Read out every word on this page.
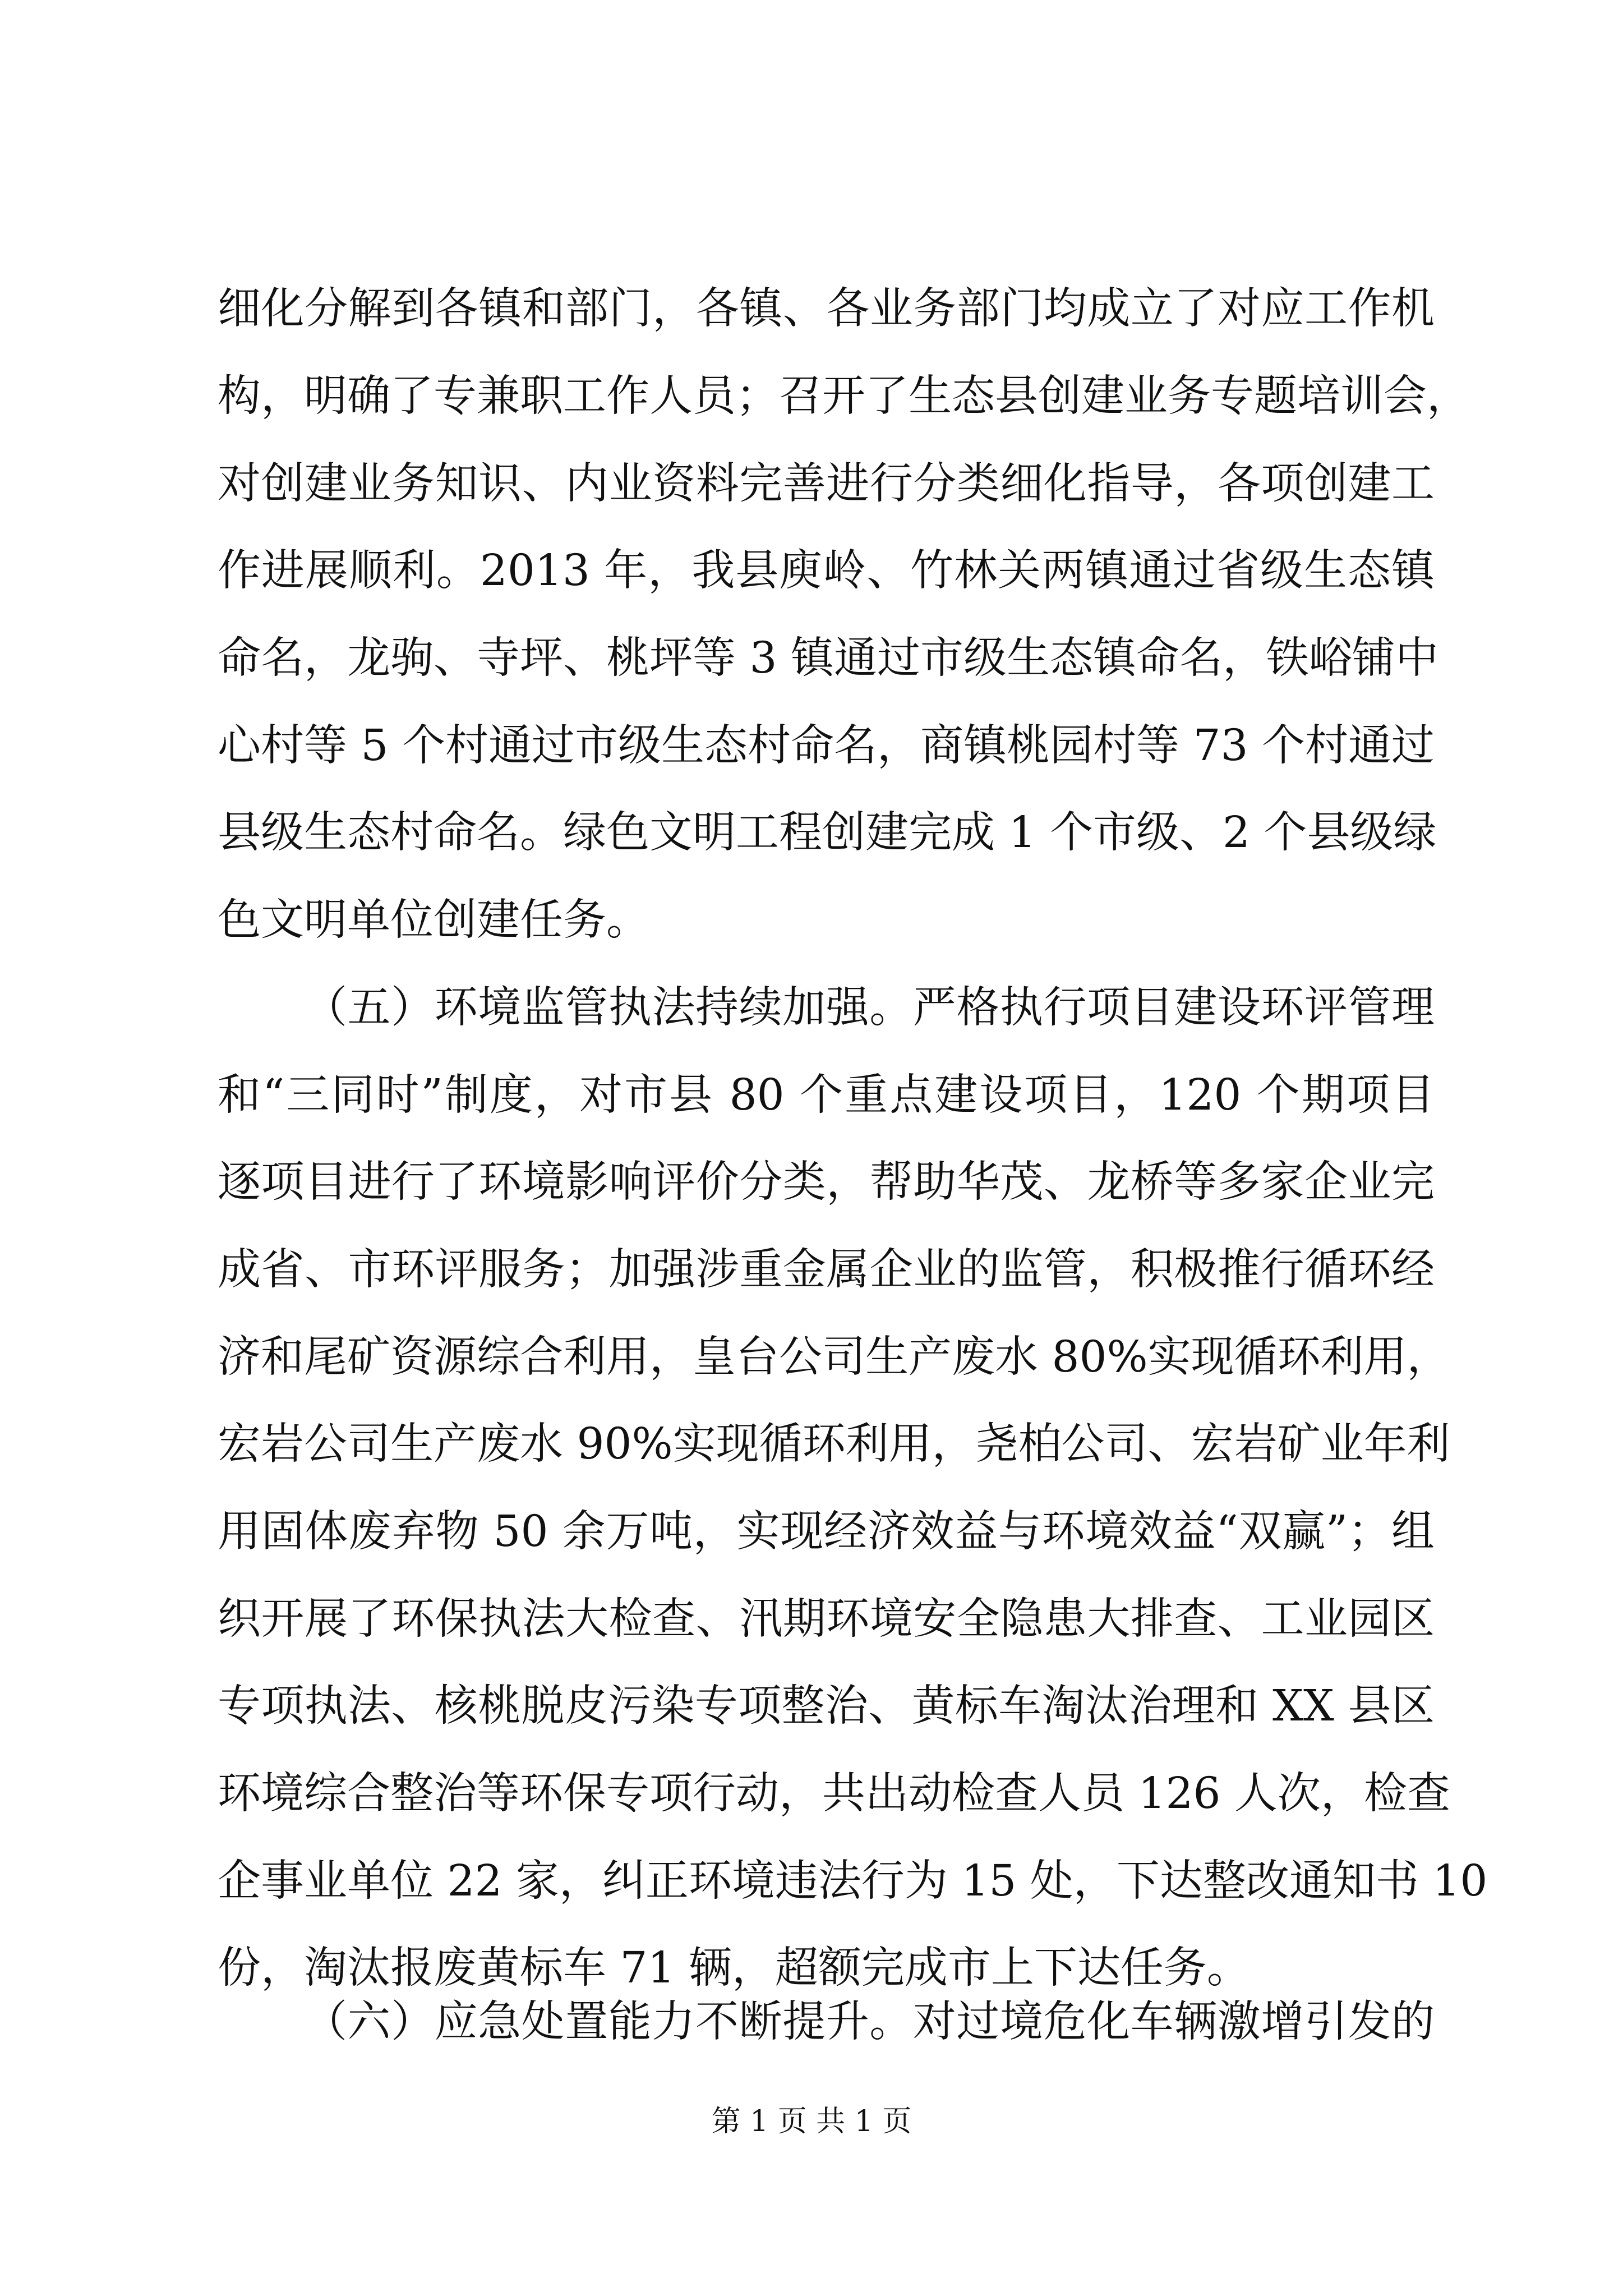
细化分解到各镇和部门，各镇、各业务部门均成立了对应工作机
构，明确了专兼职工作人员；召开了生态县创建业务专题培训会，
对创建业务知识、内业资料完善进行分类细化指导，各项创建工
作进展顺利。2013 年，我县庾岭、竹林关两镇通过省级生态镇
命名，龙驹、寺坪、桃坪等 3 镇通过市级生态镇命名，铁峪铺中
心村等 5 个村通过市级生态村命名，商镇桃园村等 73 个村通过
县级生态村命名。绿色文明工程创建完成 1 个市级、2 个县级绿
色文明单位创建任务。
（五）环境监管执法持续加强。严格执行项目建设环评管理
和“三同时”制度，对市县 80 个重点建设项目，120 个期项目
逐项目进行了环境影响评价分类，帮助华茂、龙桥等多家企业完
成省、市环评服务；加强涉重金属企业的监管，积极推行循环经
济和尾矿资源综合利用，皇台公司生产废水 80%实现循环利用，
宏岩公司生产废水 90%实现循环利用，尧柏公司、宏岩矿业年利
用固体废弃物 50 余万吨，实现经济效益与环境效益“双赢”；组
织开展了环保执法大检查、汛期环境安全隐患大排查、工业园区
专项执法、核桃脱皮污染专项整治、黄标车淘汰治理和 XX 县区
环境综合整治等环保专项行动，共出动检查人员 126 人次，检查
企事业单位 22 家，纠正环境违法行为 15 处，下达整改通知书 10
份，淘汰报废黄标车 71 辆，超额完成市上下达任务。
（六）应急处置能力不断提升。对过境危化车辆激增引发的
第 1 页 共 1 页
